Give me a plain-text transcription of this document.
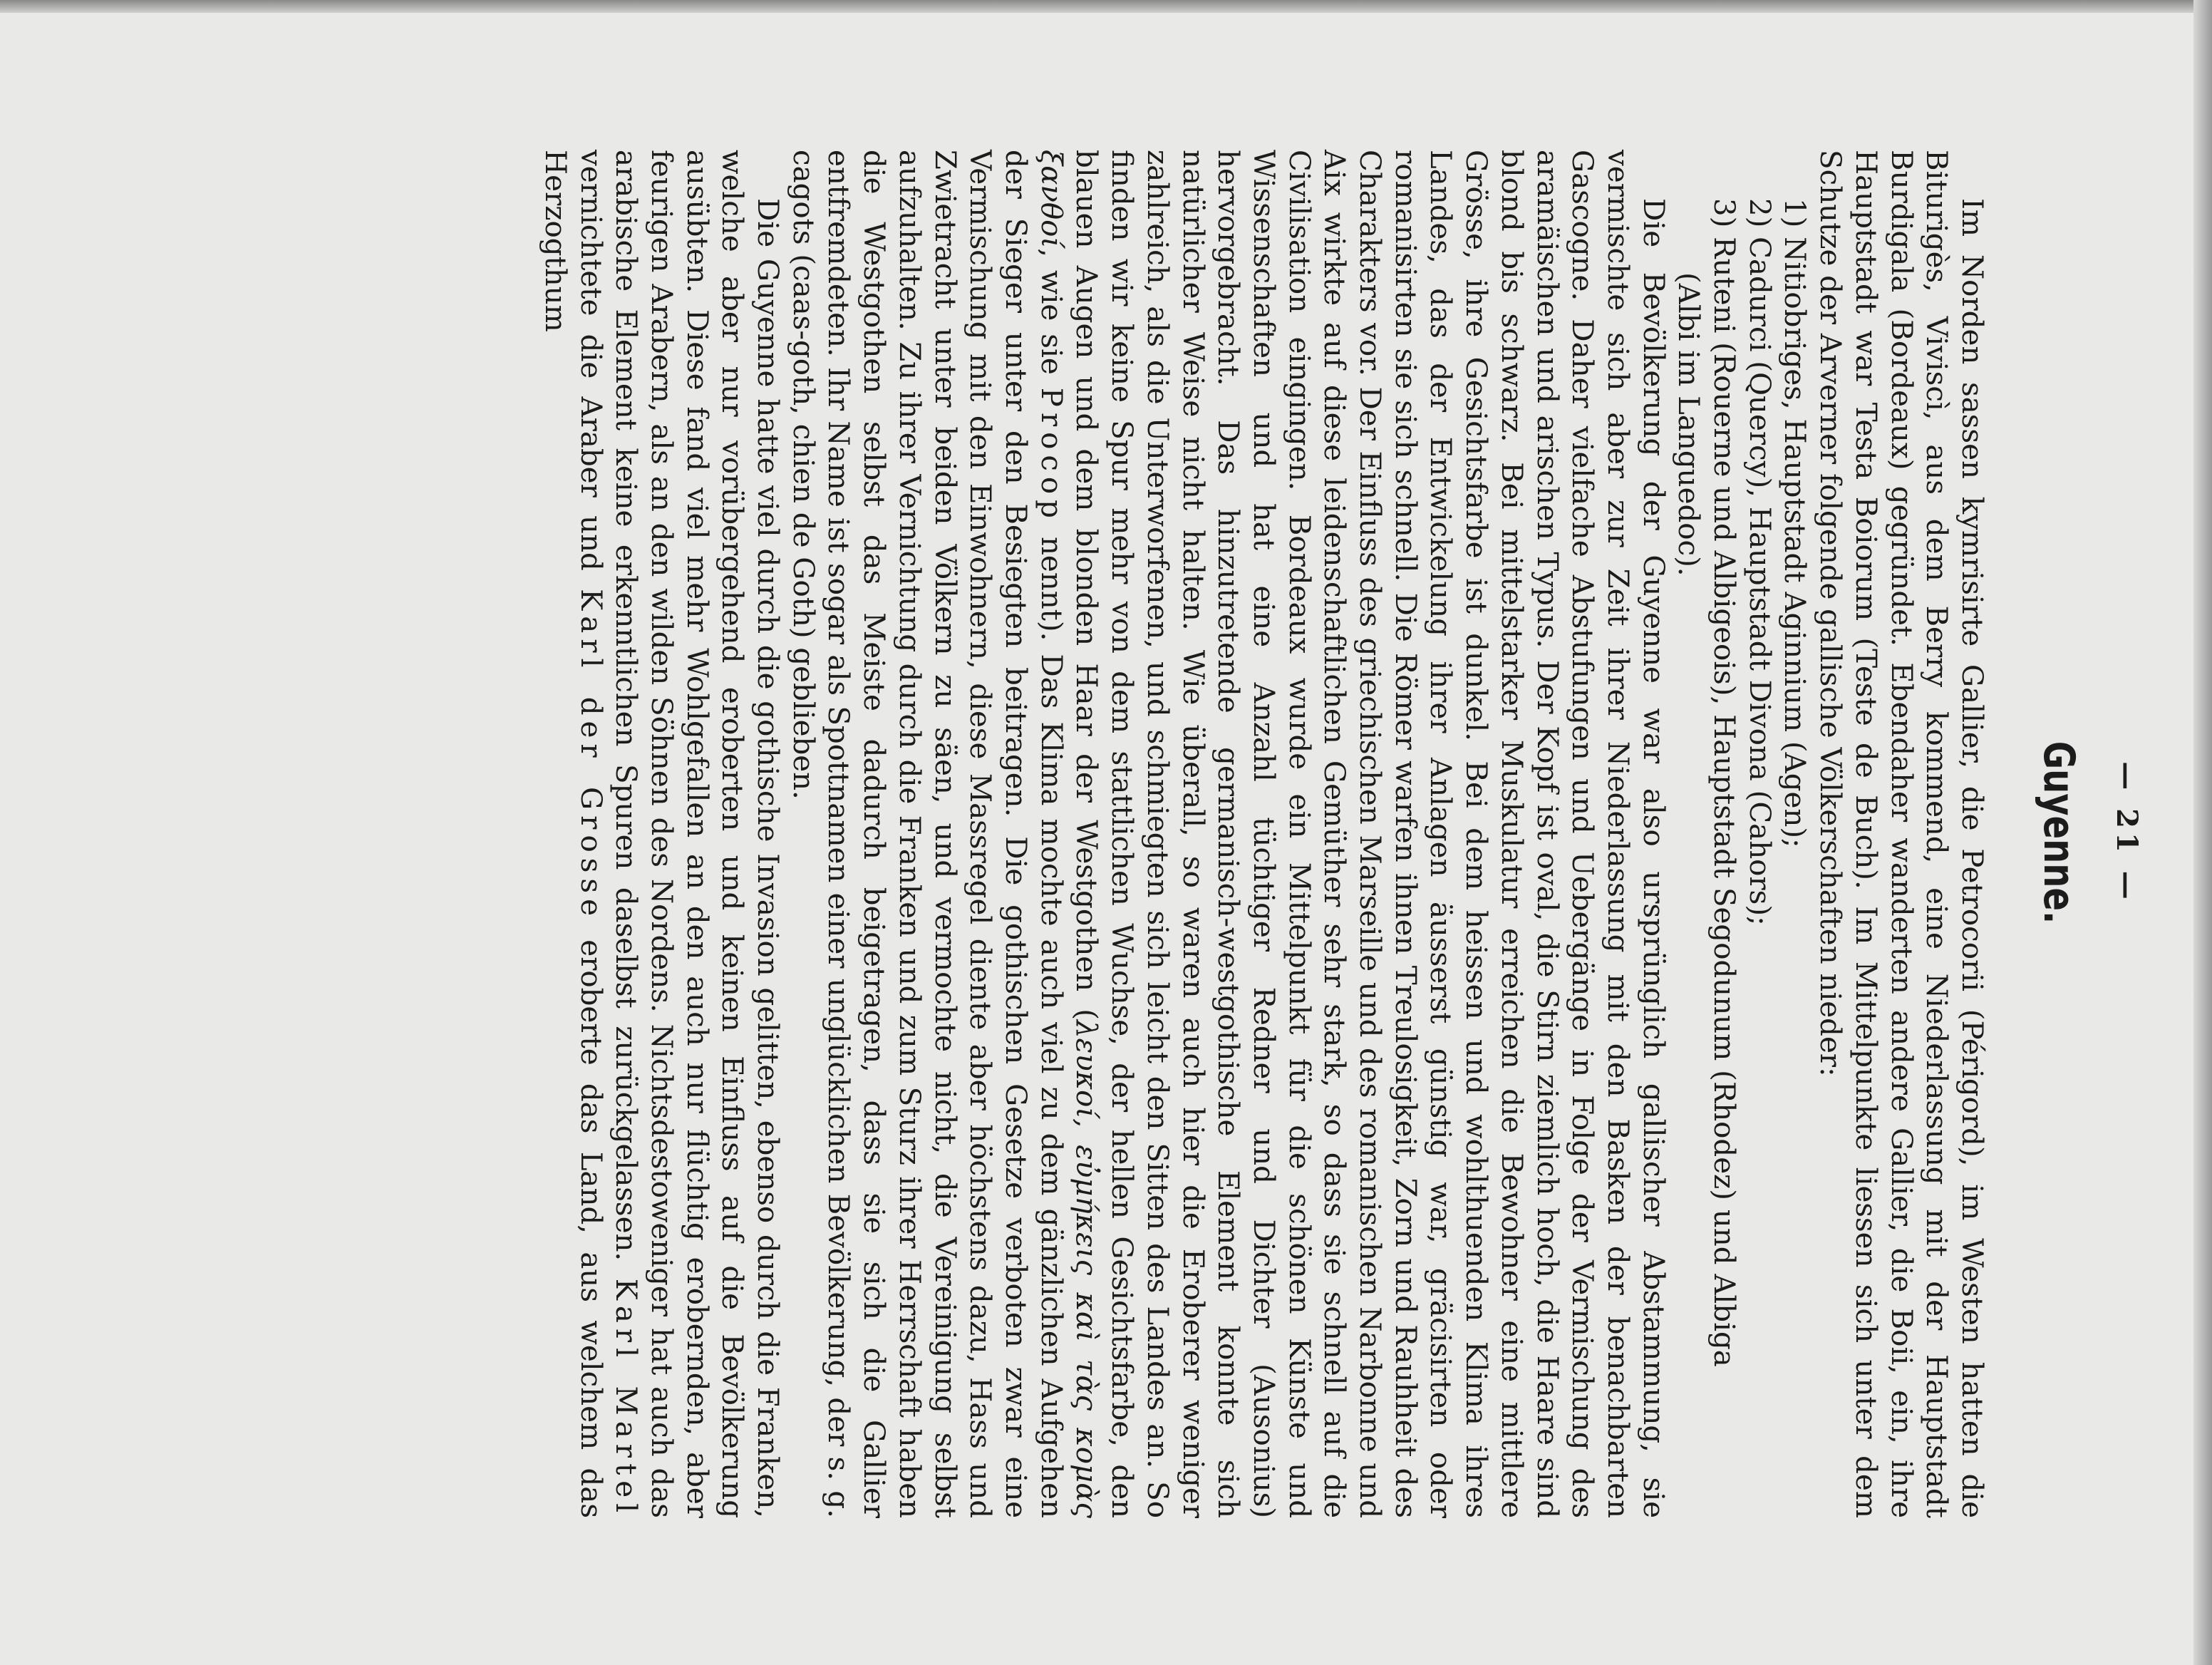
— 21 —
Guyenne.

Im Norden sassen kymrisirte Gallier, die Petrocorii (Périgord), im Westen hatten die Biturigès, Viviscì, aus dem Berry kommend, eine Niederlassung mit der Hauptstadt Burdigala (Bordeaux) gegründet. Ebendaher wanderten andere Gallier, die Boii, ein, ihre Hauptstadt war Testa Boiorum (Teste de Buch). Im Mittelpunkte liessen sich unter dem Schutze der Arverner folgende gallische Völkerschaften nieder:

1) Nitiobriges, Hauptstadt Aginnium (Agen);
2) Cadurci (Quercy), Hauptstadt Divona (Cahors);
3) Ruteni (Rouerne und Albigeois), Hauptstadt Segodunum (Rhodez) und Albiga
(Albi im Languedoc).

Die Bevölkerung der Guyenne war also ursprünglich gallischer Abstammung, sie vermischte sich aber zur Zeit ihrer Niederlassung mit den Basken der benachbarten Gascogne. Daher vielfache Abstufungen und Uebergänge in Folge der Vermischung des aramäischen und arischen Typus. Der Kopf ist oval, die Stirn ziemlich hoch, die Haare sind blond bis schwarz. Bei mittelstarker Muskulatur erreichen die Bewohner eine mittlere Grösse, ihre Gesichtsfarbe ist dunkel. Bei dem heissen und wohlthuenden Klima ihres Landes, das der Entwickelung ihrer Anlagen äusserst günstig war, gräcisirten oder romanisirten sie sich schnell. Die Römer warfen ihnen Treulosigkeit, Zorn und Rauhheit des Charakters vor. Der Einfluss des griechischen Marseille und des romanischen Narbonne und Aix wirkte auf diese leidenschaftlichen Gemüther sehr stark, so dass sie schnell auf die Civilisation eingingen. Bordeaux wurde ein Mittelpunkt für die schönen Künste und Wissenschaften und hat eine Anzahl tüchtiger Redner und Dichter (Ausonius) hervorgebracht. Das hinzutretende germanisch-westgothische Element konnte sich natürlicher Weise nicht halten. Wie überall, so waren auch hier die Eroberer weniger zahlreich, als die Unterworfenen, und schmiegten sich leicht den Sitten des Landes an. So finden wir keine Spur mehr von dem stattlichen Wuchse, der hellen Gesichtsfarbe, den blauen Augen und dem blonden Haar der Westgothen (λευκοί, εὐμήκεις καὶ τὰς κομὰς ξανθοί, wie sie Procop nennt). Das Klima mochte auch viel zu dem gänzlichen Aufgehen der Sieger unter den Besiegten beitragen. Die gothischen Gesetze verboten zwar eine Vermischung mit den Einwohnern, diese Massregel diente aber höchstens dazu, Hass und Zwietracht unter beiden Völkern zu säen, und vermochte nicht, die Vereinigung selbst aufzuhalten. Zu ihrer Vernichtung durch die Franken und zum Sturz ihrer Herrschaft haben die Westgothen selbst das Meiste dadurch beigetragen, dass sie sich die Gallier entfremdeten. Ihr Name ist sogar als Spottnamen einer unglücklichen Bevölkerung, der s. g. cagots (caas-goth, chien de Goth) geblieben.

Die Guyenne hatte viel durch die gothische Invasion gelitten, ebenso durch die Franken, welche aber nur vorübergehend eroberten und keinen Einfluss auf die Bevölkerung ausübten. Diese fand viel mehr Wohlgefallen an den auch nur flüchtig erobernden, aber feurigen Arabern, als an den wilden Söhnen des Nordens. Nichtsdestoweniger hat auch das arabische Element keine erkenntlichen Spuren daselbst zurückgelassen. Karl Martel vernichtete die Araber und Karl der Grosse eroberte das Land, aus welchem das Herzogthum
